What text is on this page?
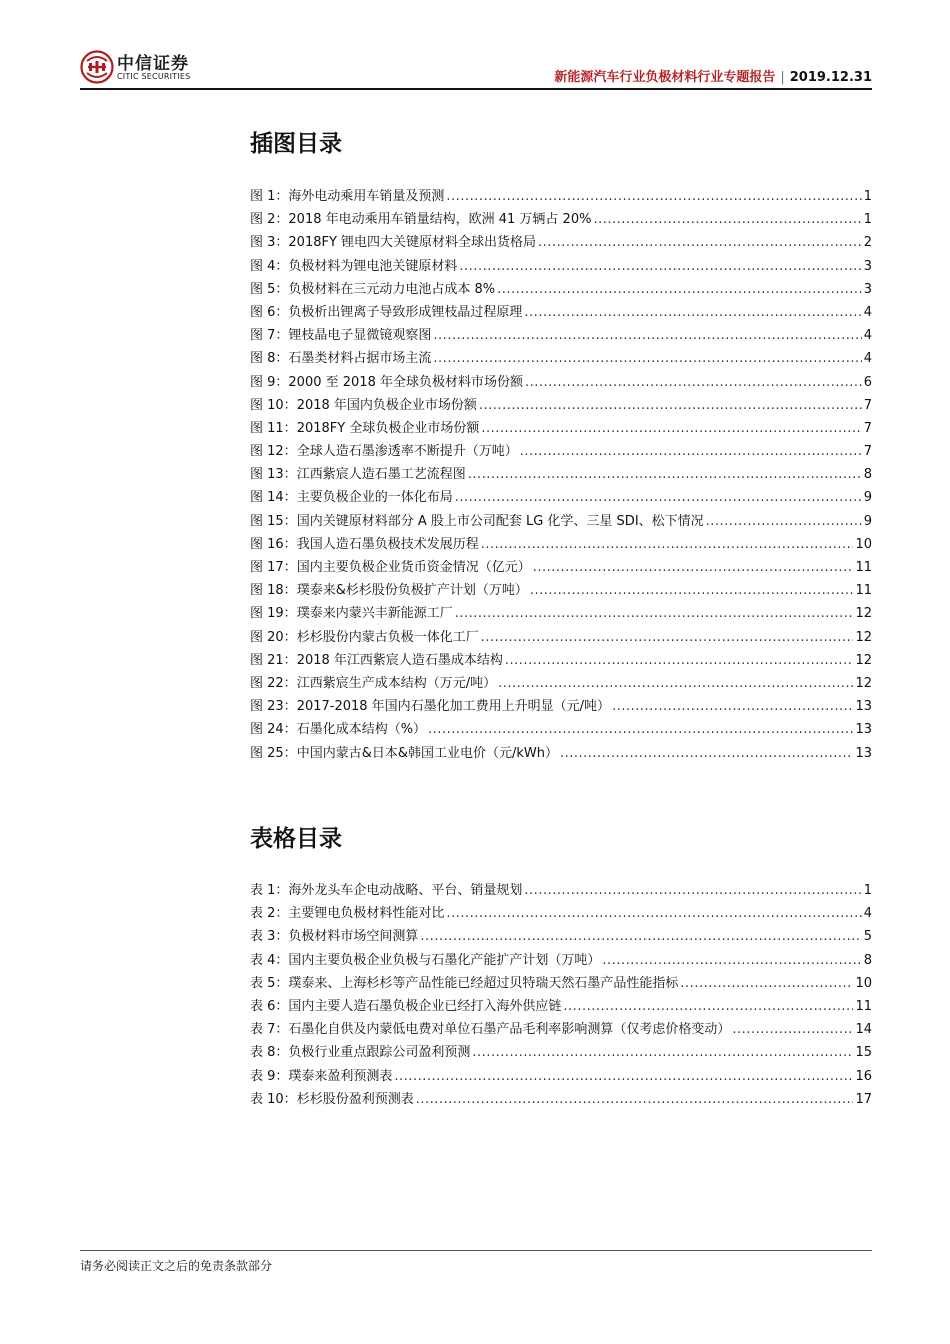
中信证券
CITIC SECURITIES	新能源汽车行业负极材料行业专题报告 | 2019.12.31
插图目录
图 1： 海外电动乘用车销量及预测 .....	1
图 2： 2018 年电动乘用车销量结构，欧洲 41 万辆占 20% .....	1
图 3： 2018FY 锂电四大关键原材料全球出货格局 .....	2
图 4： 负极材料为锂电池关键原材料 .....	3
图 5： 负极材料在三元动力电池占成本 8% .....	3
图 6： 负极析出锂离子导致形成锂枝晶过程原理 .....	4
图 7： 锂枝晶电子显微镜观察图 .....	4
图 8： 石墨类材料占据市场主流 .....	4
图 9： 2000 至 2018 年全球负极材料市场份额 .....	6
图 10： 2018 年国内负极企业市场份额 .....	7
图 11： 2018FY 全球负极企业市场份额 .....	7
图 12： 全球人造石墨渗透率不断提升（万吨） .....	7
图 13： 江西紫宸人造石墨工艺流程图 .....	8
图 14： 主要负极企业的一体化布局 .....	9
图 15： 国内关键原材料部分 A 股上市公司配套 LG 化学、三星 SDI、松下情况 .....	9
图 16： 我国人造石墨负极技术发展历程 .....	10
图 17： 国内主要负极企业货币资金情况（亿元） .....	11
图 18： 璞泰来&杉杉股份负极扩产计划（万吨） .....	11
图 19： 璞泰来内蒙兴丰新能源工厂 .....	12
图 20： 杉杉股份内蒙古负极一体化工厂 .....	12
图 21： 2018 年江西紫宸人造石墨成本结构 .....	12
图 22： 江西紫宸生产成本结构（万元/吨） .....	12
图 23： 2017-2018 年国内石墨化加工费用上升明显（元/吨） .....	13
图 24： 石墨化成本结构（%） .....	13
图 25： 中国内蒙古&日本&韩国工业电价（元/kWh） .....	13
表格目录
表 1： 海外龙头车企电动战略、平台、销量规划 .....	1
表 2： 主要锂电负极材料性能对比 .....	4
表 3： 负极材料市场空间测算 .....	5
表 4： 国内主要负极企业负极与石墨化产能扩产计划（万吨） .....	8
表 5： 璞泰来、上海杉杉等产品性能已经超过贝特瑞天然石墨产品性能指标 .....	10
表 6： 国内主要人造石墨负极企业已经打入海外供应链 .....	11
表 7： 石墨化自供及内蒙低电费对单位石墨产品毛利率影响测算（仅考虑价格变动） .....	14
表 8： 负极行业重点跟踪公司盈利预测 .....	15
表 9： 璞泰来盈利预测表 .....	16
表 10： 杉杉股份盈利预测表 .....	17
请务必阅读正文之后的免责条款部分
